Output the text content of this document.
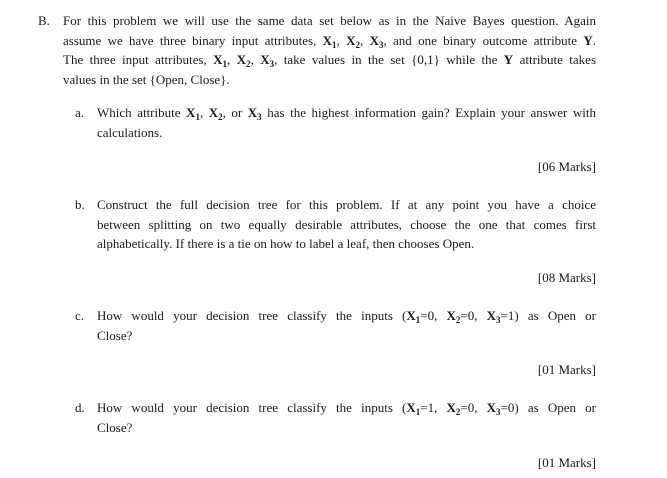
B.	For this problem we will use the same data set below as in the Naive Bayes question. Again
assume we have three binary input attributes, $X_1$, $X_2$, $X_3$, and one binary outcome attribute Y.
The three input attributes, $X_1$, $X_2$, $X_3$, take values in the set {0,1} while the Y attribute takes
values in the set {Open, Close}.
a. Which attribute $X_1$, $X_2$, or $X_3$ has the highest information gain? Explain your answer with
calculations.
[06 Marks]
b. Construct the full decision tree for this problem. If at any point you have a choice
between splitting on two equally desirable attributes, choose the one that comes first
alphabetically. If there is a tie on how to label a leaf, then chooses Open.
[08 Marks]
c. How would your decision tree classify the inputs ($X_1=0$, $X_2=0$, $X_3=1$) as Open or
Close?
[01 Marks]
d. How would your decision tree classify the inputs ($X_1=1$, $X_2=0$, $X_3=0$) as Open or
Close?
[01 Marks]
